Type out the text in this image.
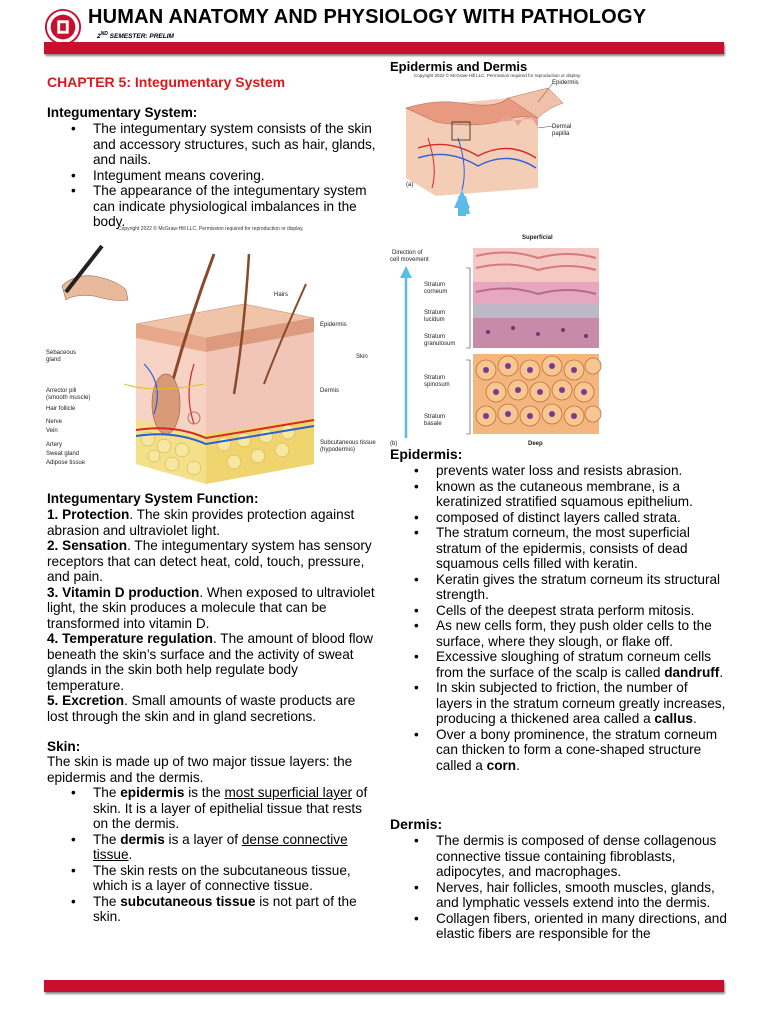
HUMAN ANATOMY AND PHYSIOLOGY WITH PATHOLOGY
2ND SEMESTER: PRELIM
CHAPTER 5: Integumentary System
Integumentary System:
• The integumentary system consists of the skin and accessory structures, such as hair, glands, and nails.
• Integument means covering.
• The appearance of the integumentary system can indicate physiological imbalances in the body.
Copyright 2022 © McGraw-Hill LLC. Permission required for reproduction or display.
Hairs
Epidermis
Skin
Dermis
Subcutaneous tissue
(hypodermis)
Sebaceous
gland
Arrector pili
(smooth muscle)
Hair follicle
Nerve
Vein
Artery
Sweat gland
Adipose tissue
Integumentary System Function:
1. Protection. The skin provides protection against abrasion and ultraviolet light.
2. Sensation. The integumentary system has sensory receptors that can detect heat, cold, touch, pressure, and pain.
3. Vitamin D production. When exposed to ultraviolet light, the skin produces a molecule that can be transformed into vitamin D.
4. Temperature regulation. The amount of blood flow beneath the skin’s surface and the activity of sweat glands in the skin both help regulate body temperature.
5. Excretion. Small amounts of waste products are lost through the skin and in gland secretions.
Skin:
The skin is made up of two major tissue layers: the epidermis and the dermis.
• The epidermis is the most superficial layer of skin. It is a layer of epithelial tissue that rests on the dermis.
• The dermis is a layer of dense connective tissue.
• The skin rests on the subcutaneous tissue, which is a layer of connective tissue.
• The subcutaneous tissue is not part of the skin.
Epidermis and Dermis
Copyright 2022 © McGraw-Hill LLC. Permission required for reproduction or display.
Epidermis
Dermal
papilla
(a)
Superficial
Direction of
cell movement
Stratum
corneum
Stratum
lucidum
Stratum
granulosum
Stratum
spinosum
Stratum
basale
(b)	Deep
Epidermis:
• prevents water loss and resists abrasion.
• known as the cutaneous membrane, is a keratinized stratified squamous epithelium.
• composed of distinct layers called strata.
• The stratum corneum, the most superficial stratum of the epidermis, consists of dead squamous cells filled with keratin.
• Keratin gives the stratum corneum its structural strength.
• Cells of the deepest strata perform mitosis.
• As new cells form, they push older cells to the surface, where they slough, or flake off.
• Excessive sloughing of stratum corneum cells from the surface of the scalp is called dandruff.
• In skin subjected to friction, the number of layers in the stratum corneum greatly increases, producing a thickened area called a callus.
• Over a bony prominence, the stratum corneum can thicken to form a cone-shaped structure called a corn.
Dermis:
• The dermis is composed of dense collagenous connective tissue containing fibroblasts, adipocytes, and macrophages.
• Nerves, hair follicles, smooth muscles, glands, and lymphatic vessels extend into the dermis.
• Collagen fibers, oriented in many directions, and elastic fibers are responsible for the
